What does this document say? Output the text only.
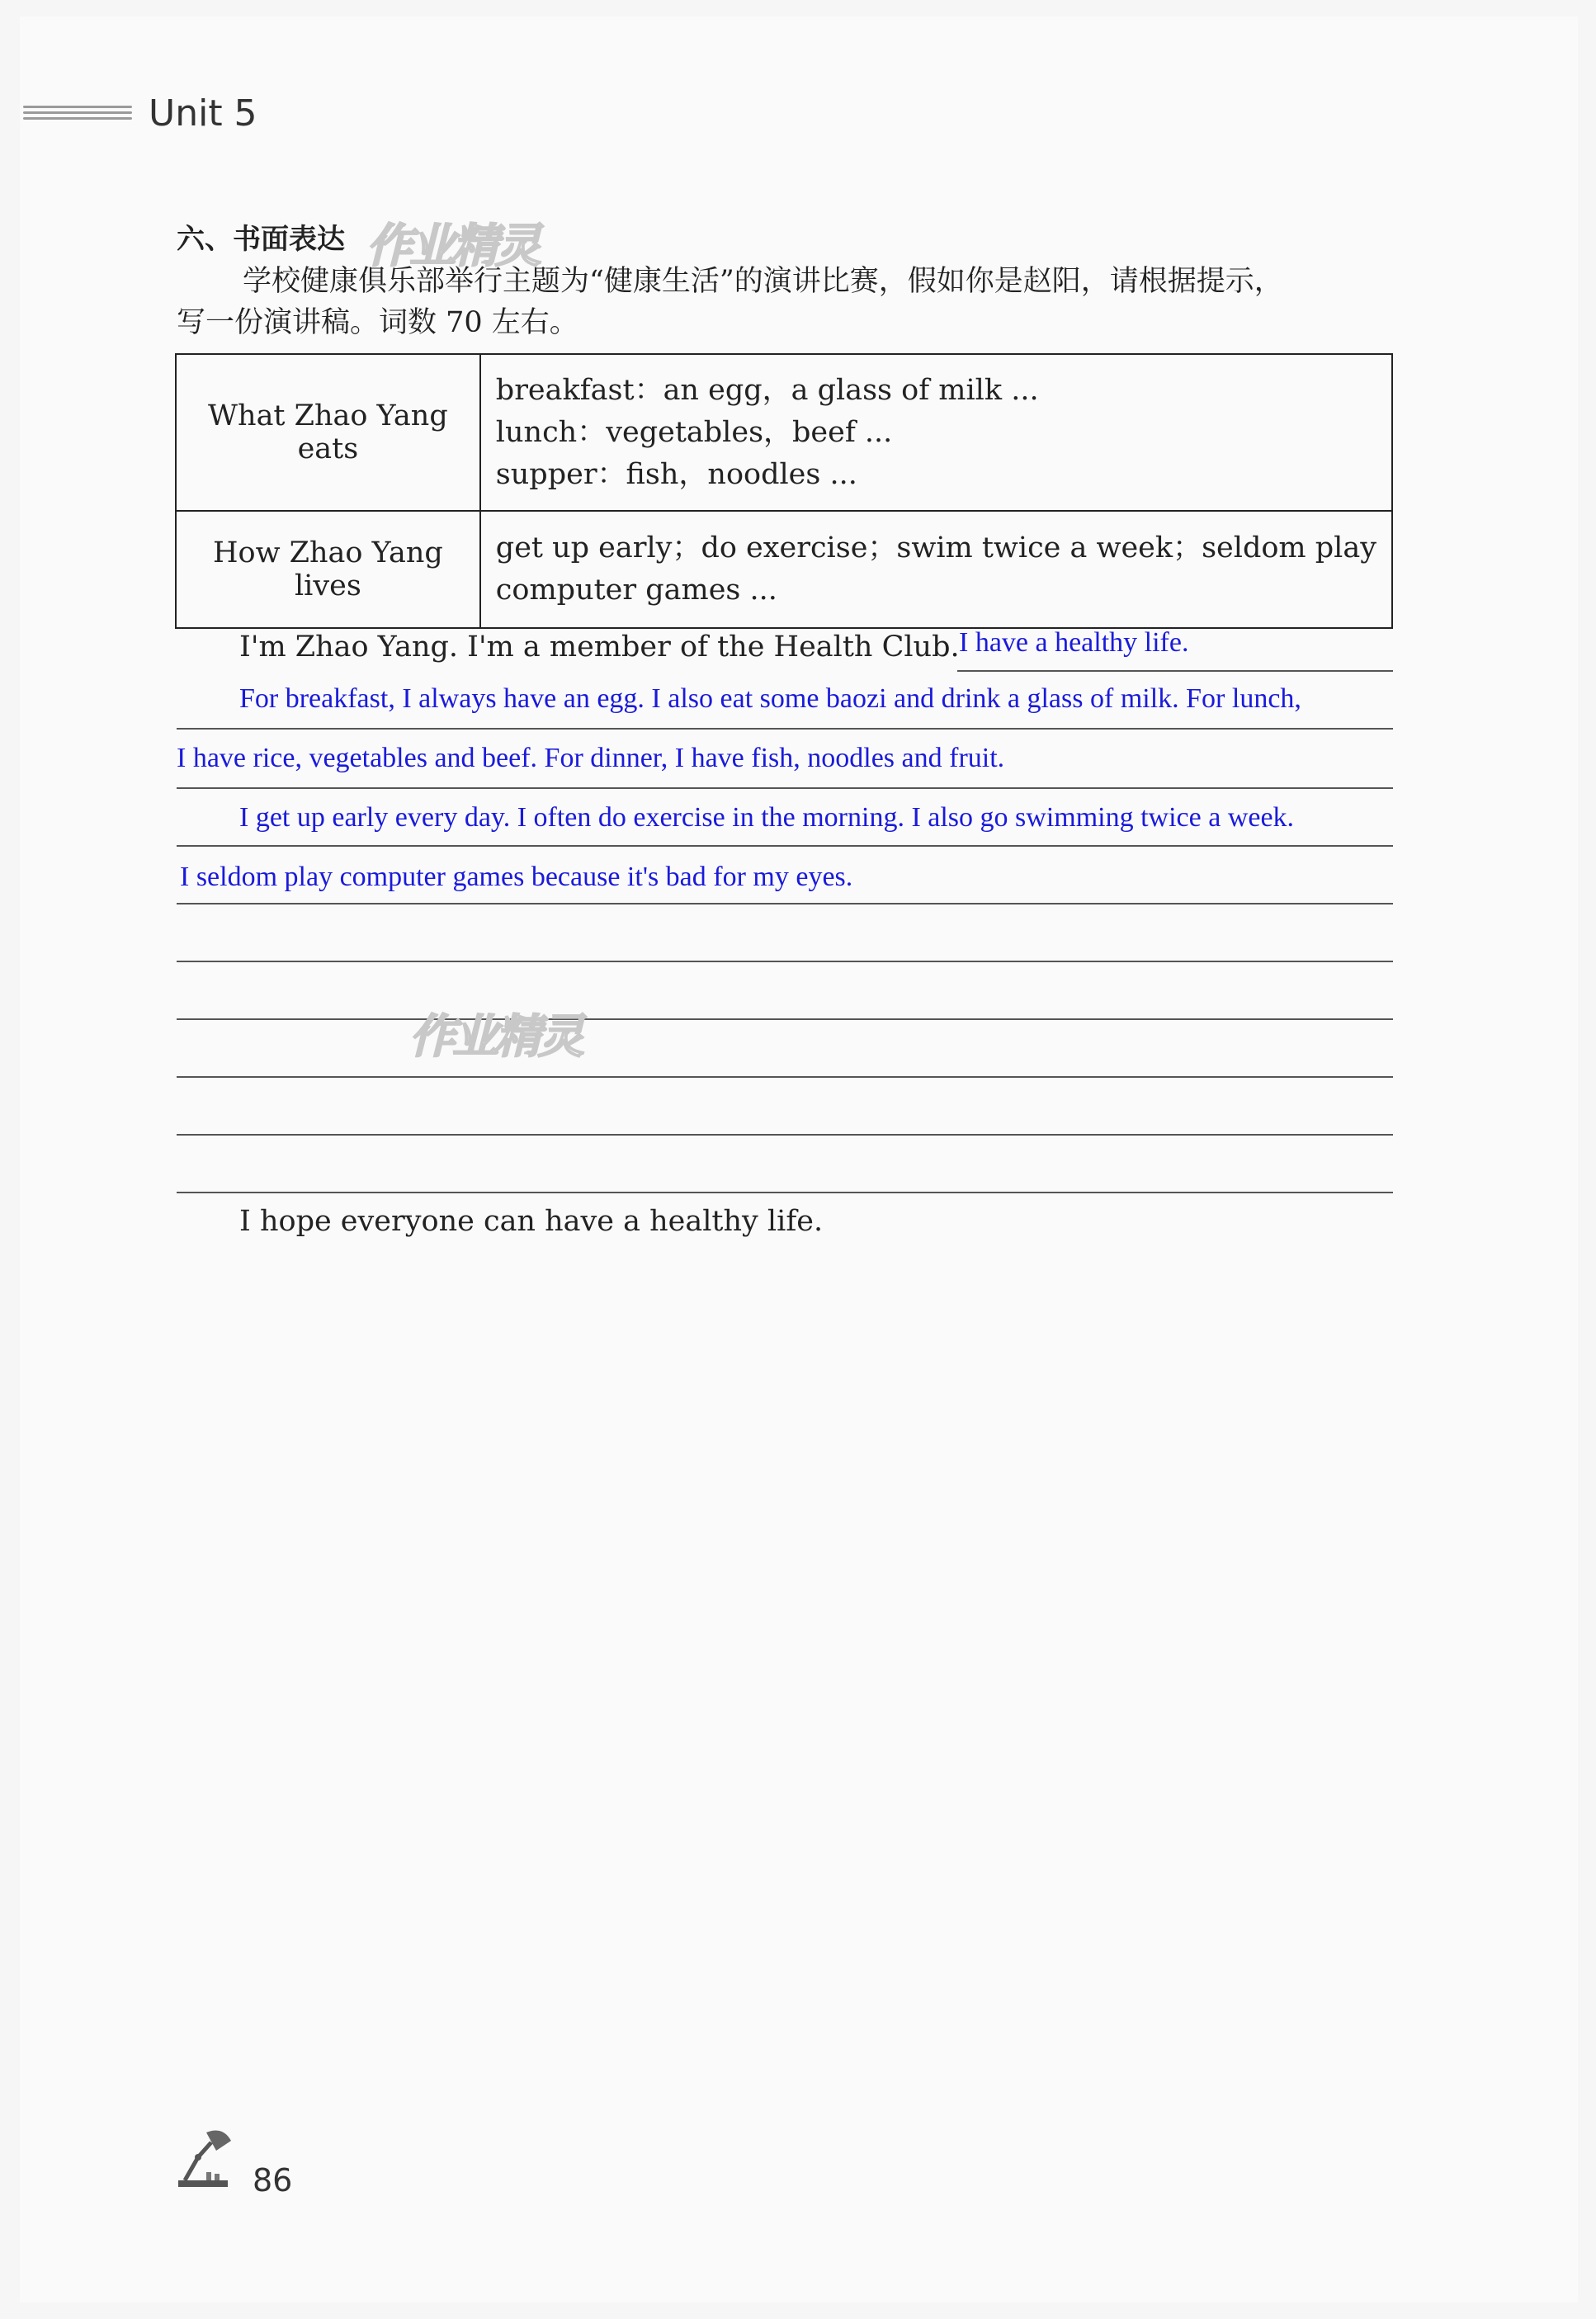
Unit 5
作业精灵
六、书面表达

学校健康俱乐部举行主题为“健康生活”的演讲比赛，假如你是赵阳，请根据提示，

写一份演讲稿。词数 70 左右。

What Zhao Yang eats	breakfast：an egg，a glass of milk ...
lunch：vegetables，beef ...
supper：fish，noodles ...

How Zhao Yang lives	get up early；do exercise；swim twice a week；seldom play
computer games ...
I'm Zhao Yang. I'm a member of the Health Club. I have a healthy life.
For breakfast, I always have an egg. I also eat some baozi and drink a glass of milk. For lunch,
I have rice, vegetables and beef. For dinner, I have fish, noodles and fruit.
I get up early every day. I often do exercise in the morning. I also go swimming twice a week.
I seldom play computer games because it's bad for my eyes.
作业精灵
I hope everyone can have a healthy life.
86
